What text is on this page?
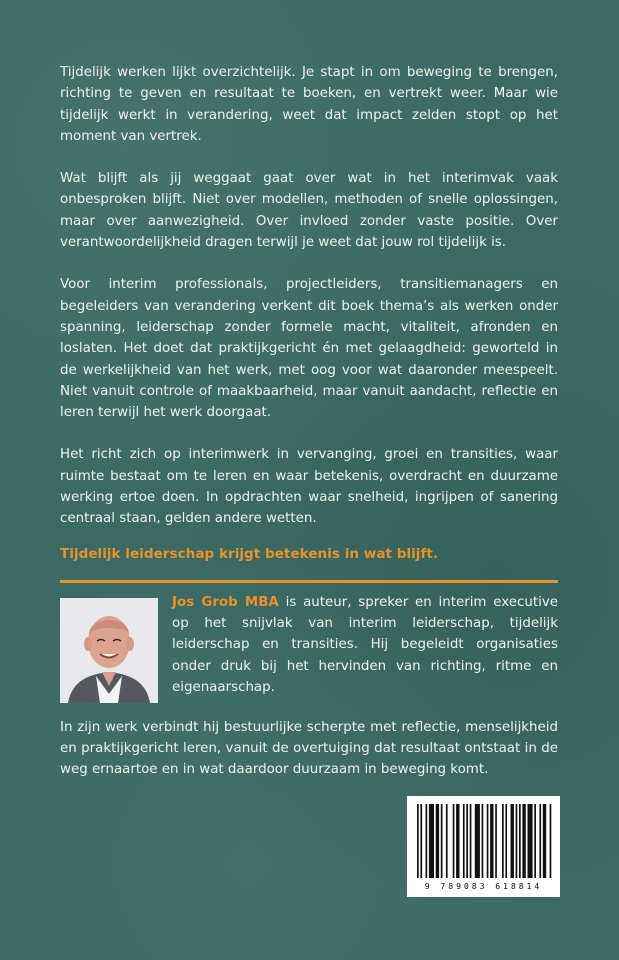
Tijdelijk werken lijkt overzichtelijk. Je stapt in om beweging te brengen, richting te geven en resultaat te boeken, en vertrekt weer. Maar wie tijdelijk werkt in verandering, weet dat impact zelden stopt op het moment van vertrek.

Wat blijft als jij weggaat gaat over wat in het interimvak vaak onbesproken blijft. Niet over modellen, methoden of snelle oplossingen, maar over aanwezigheid. Over invloed zonder vaste positie. Over verantwoordelijkheid dragen terwijl je weet dat jouw rol tijdelijk is.

Voor interim professionals, projectleiders, transitiemanagers en begeleiders van verandering verkent dit boek thema’s als werken onder spanning, leiderschap zonder formele macht, vitaliteit, afronden en loslaten. Het doet dat praktijkgericht én met gelaagdheid: geworteld in de werkelijkheid van het werk, met oog voor wat daaronder meespeelt. Niet vanuit controle of maakbaarheid, maar vanuit aandacht, reflectie en leren terwijl het werk doorgaat.

Het richt zich op interimwerk in vervanging, groei en transities, waar ruimte bestaat om te leren en waar betekenis, overdracht en duurzame werking ertoe doen. In opdrachten waar snelheid, ingrijpen of sanering centraal staan, gelden andere wetten.

Tijdelijk leiderschap krijgt betekenis in wat blijft.

Jos Grob MBA is auteur, spreker en interim executive op het snijvlak van interim leiderschap, tijdelijk leiderschap en transities. Hij begeleidt organisaties onder druk bij het hervinden van richting, ritme en eigenaarschap.

In zijn werk verbindt hij bestuurlijke scherpte met reflectie, menselijkheid en praktijkgericht leren, vanuit de overtuiging dat resultaat ontstaat in de weg ernaartoe en in wat daardoor duurzaam in beweging komt.

9 789083 618814
